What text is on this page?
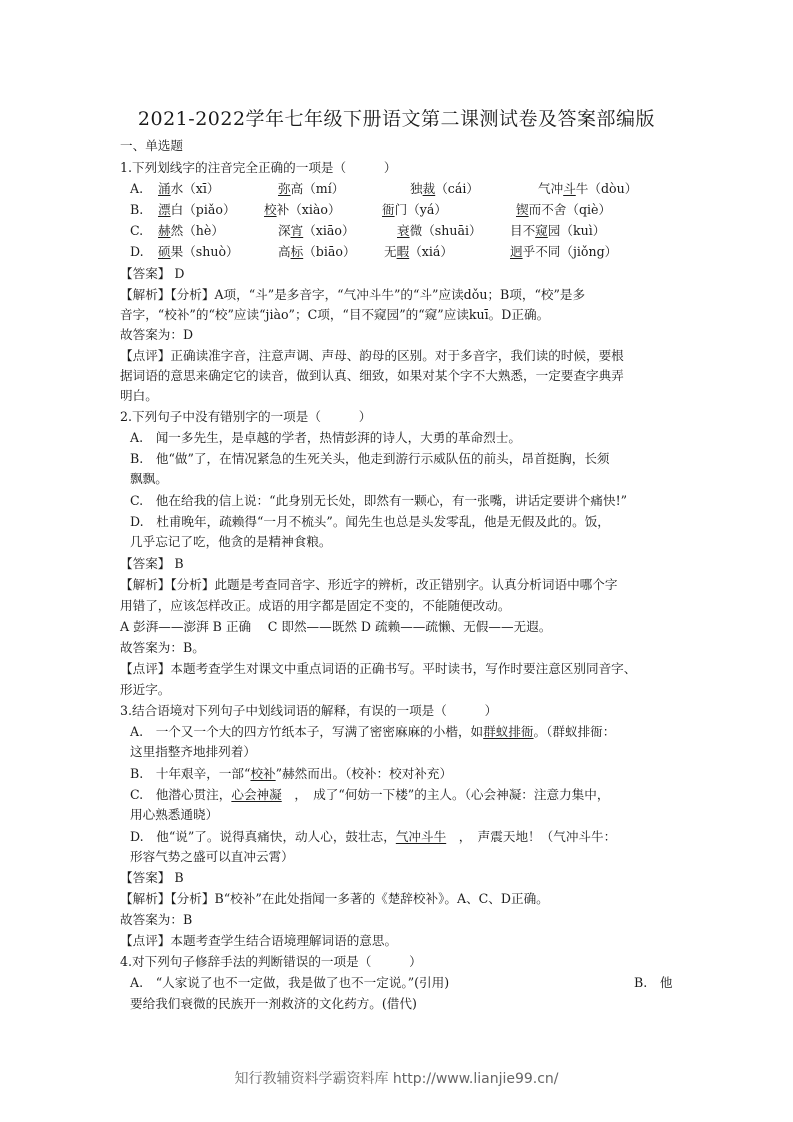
2021-2022学年七年级下册语文第二课测试卷及答案部编版
一、单选题
1.下列划线字的注音完全正确的一项是（　　　）
A. 涌水（xī）	弥高（mí）	独裁（cái）	气冲斗牛（dòu）
B. 漂白（piǎo） 校补（xiào）	衙门（yá）	锲而不舍（qiè）
C. 赫然（hè）	深宵（xiāo）	衰微（shuāi） 目不窥园（kuì）
D. 硕果（shuò）	高标（biāo） 无暇（xiá）	迥乎不同（jiǒng）
【答案】 D
【解析】【分析】A项，“斗”是多音字，“气冲斗牛”的“斗”应读dǒu；B项，“校”是多
音字，“校补”的“校”应读“jiào”；C项，“目不窥园”的“窥”应读kuī。D正确。
故答案为：D
【点评】正确读准字音，注意声调、声母、韵母的区别。对于多音字，我们读的时候，要根
据词语的意思来确定它的读音，做到认真、细致，如果对某个字不大熟悉，一定要查字典弄
明白。
2.下列句子中没有错别字的一项是（　　　）
A.　闻一多先生，是卓越的学者，热情彭湃的诗人，大勇的革命烈士。
B.　他“做”了，在情况紧急的生死关头，他走到游行示威队伍的前头，昂首挺胸，长须
飘飘。
C.　他在给我的信上说：“此身别无长处，即然有一颗心，有一张嘴，讲话定要讲个痛快!”
D.　杜甫晚年，疏赖得“一月不梳头”。闻先生也总是头发零乱，他是无假及此的。饭，
几乎忘记了吃，他贪的是精神食粮。
【答案】 B
【解析】【分析】此题是考查同音字、形近字的辨析，改正错别字。认真分析词语中哪个字
用错了，应该怎样改正。成语的用字都是固定不变的，不能随便改动。
A 彭湃——澎湃 B 正确　 C 即然——既然 D 疏赖——疏懒、无假——无遐。
故答案为：B。
【点评】本题考查学生对课文中重点词语的正确书写。平时读书，写作时要注意区别同音字、
形近字。
3.结合语境对下列句子中划线词语的解释，有误的一项是（　　　）
A.　一个又一个大的四方竹纸本子，写满了密密麻麻的小楷，如群蚁排衙。（群蚁排衙：
这里指整齐地排列着）
B.　十年艰辛，一部“校补”赫然而出。（校补：校对补充）
C.　他潜心贯注，心会神凝　，　成了“何妨一下楼”的主人。（心会神凝：注意力集中，
用心熟悉通晓）
D.　他“说”了。说得真痛快，动人心，鼓壮志，气冲斗牛　，　声震天地！（气冲斗牛：
形容气势之盛可以直冲云霄）
【答案】 B
【解析】【分析】B“校补”在此处指闻一多著的《楚辞校补》。A、C、D正确。
故答案为：B
【点评】本题考查学生结合语境理解词语的意思。
4.对下列句子修辞手法的判断错误的一项是（　　　）
A.　“人家说了也不一定做，我是做了也不一定说。”(引用)	B.　他
要给我们衰微的民族开一剂救济的文化药方。(借代)
知行教辅资料学霸资料库 http://www.lianjie99.cn/
